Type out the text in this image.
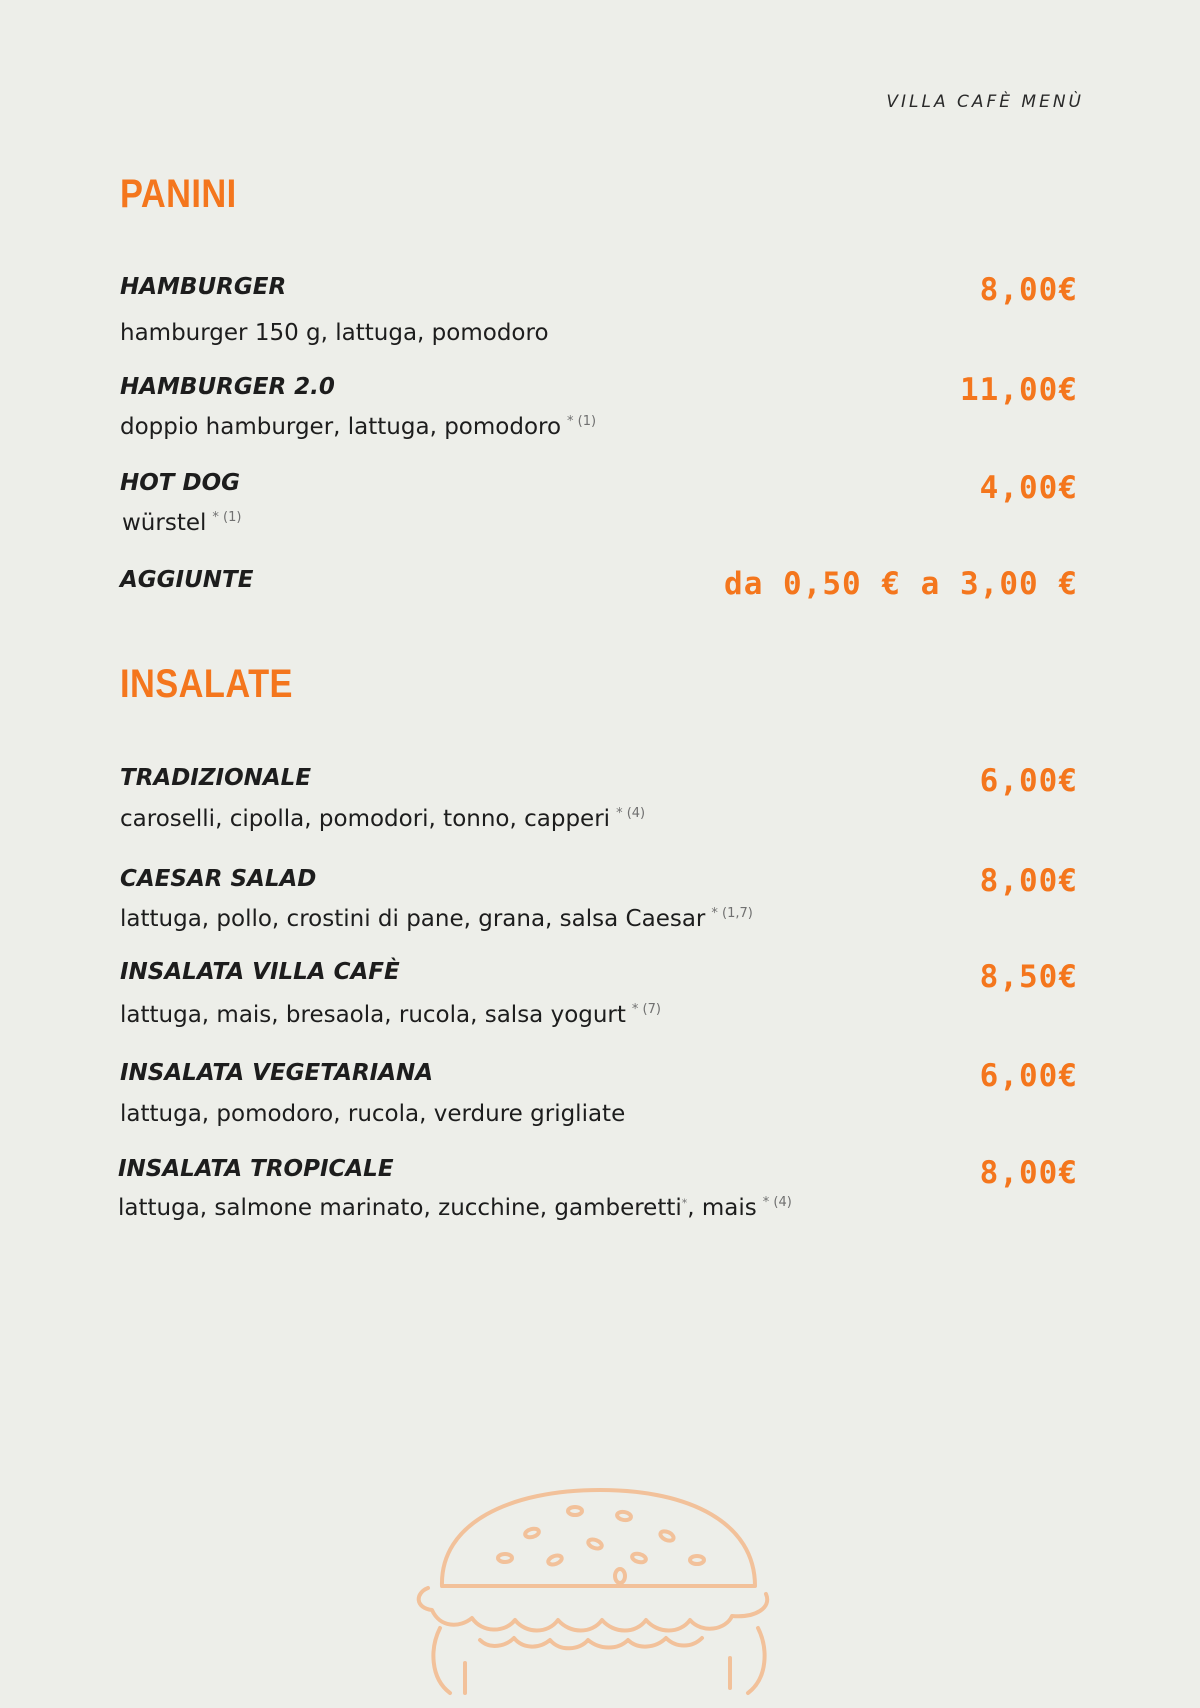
VILLA CAFÈ MENÙ
PANINI
HAMBURGER	8,00€
hamburger 150 g, lattuga, pomodoro
HAMBURGER 2.0	11,00€
doppio hamburger, lattuga, pomodoro $^{* (1)}$
HOT DOG	4,00€
würstel $^{* (1)}$
AGGIUNTE	da 0,50 € a 3,00 €
INSALATE
TRADIZIONALE	6,00€
caroselli, cipolla, pomodori, tonno, capperi $^{* (4)}$
CAESAR SALAD	8,00€
lattuga, pollo, crostini di pane, grana, salsa Caesar $^{* (1,7)}$
INSALATA VILLA CAFÈ	8,50€
lattuga, mais, bresaola, rucola, salsa yogurt $^{* (7)}$
INSALATA VEGETARIANA	6,00€
lattuga, pomodoro, rucola, verdure grigliate
INSALATA TROPICALE	8,00€
lattuga, salmone marinato, zucchine, gamberetti*, mais $^{* (4)}$
